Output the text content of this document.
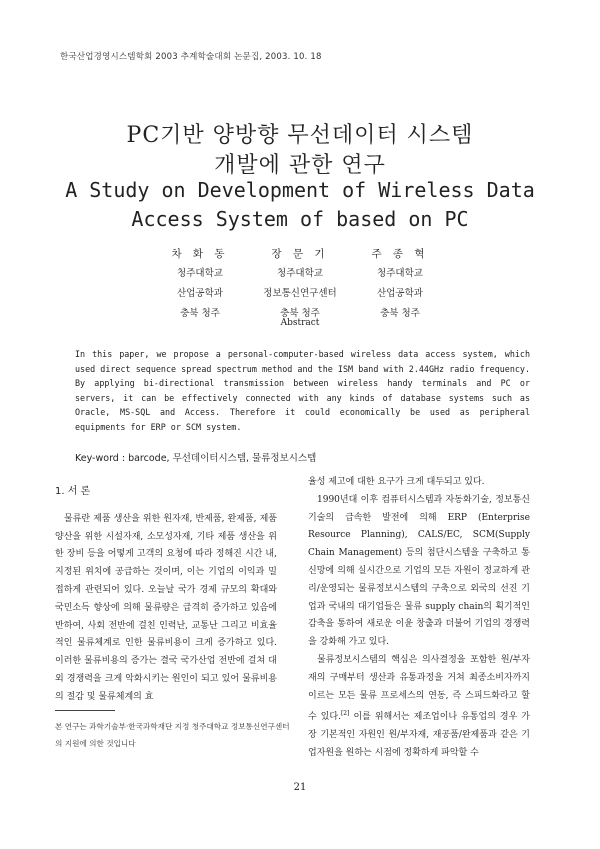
한국산업경영시스템학회 2003 추계학술대회 논문집, 2003. 10. 18
PC기반 양방향 무선데이터 시스템
개발에 관한 연구
A Study on Development of Wireless Data
Access System of based on PC
차 화 동
청주대학교
산업공학과
충북 청주
장 문 기
청주대학교
정보통신연구센터
충북 청주
주 종 혁
청주대학교
산업공학과
충북 청주
Abstract
In this paper, we propose a personal-computer-based wireless data access system, which used direct sequence spread spectrum method and the ISM band with 2.44GHz radio frequency. By applying bi-directional transmission between wireless handy terminals and PC or servers, it can be effectively connected with any kinds of database systems such as Oracle, MS-SQL and Access. Therefore it could economically be used as peripheral equipments for ERP or SCM system.
Key-word : barcode, 무선데이터시스템, 물류정보시스템
1. 서 론

물류란 제품 생산을 위한 원자재, 반제품, 완제품, 제품 양산을 위한 시설자재, 소모성자재, 기타 제품 생산을 위한 장비 등을 어떻게 고객의 요청에 따라 정해진 시간 내, 지정된 위치에 공급하는 것이며, 이는 기업의 이익과 밀접하게 관련되어 있다. 오늘날 국가 경제 규모의 확대와 국민소득 향상에 의해 물류량은 급격히 증가하고 있음에 반하여, 사회 전반에 걸친 인력난, 교통난 그리고 비효율적인 물류체계로 인한 물류비용이 크게 증가하고 있다. 이러한 물류비용의 증가는 결국 국가산업 전반에 걸쳐 대외 경쟁력을 크게 악화시키는 원인이 되고 있어 물류비용의 절감 및 물류체계의 효

율성 제고에 대한 요구가 크게 대두되고 있다.

1990년대 이후 컴퓨터시스템과 자동화기술, 정보통신 기술의 급속한 발전에 의해 ERP (Enterprise Resource Planning), CALS/EC, SCM(Supply Chain Management) 등의 첨단시스템을 구축하고 통신망에 의해 실시간으로 기업의 모든 자원이 정교하게 관리/운영되는 물류정보시스템의 구축으로 외국의 선진 기업과 국내의 대기업들은 물류 supply chain의 획기적인 감축을 통하여 새로운 이윤 창출과 더불어 기업의 경쟁력을 강화해 가고 있다.

물류정보시스템의 핵심은 의사결정을 포함한 원/부자재의 구매부터 생산과 유통과정을 거쳐 최종소비자까지 이르는 모든 물류 프로세스의 연동, 즉 스피드화라고 할 수 있다.[2] 이를 위해서는 제조업이나 유통업의 경우 가장 기본적인 자원인 원/부자재, 재공품/완제품과 같은 기업자원을 원하는 시점에 정확하게 파악할 수

본 연구는 과학기술부·한국과학재단 지정 청주대학교 정보통신연구센터의 지원에 의한 것입니다
21
